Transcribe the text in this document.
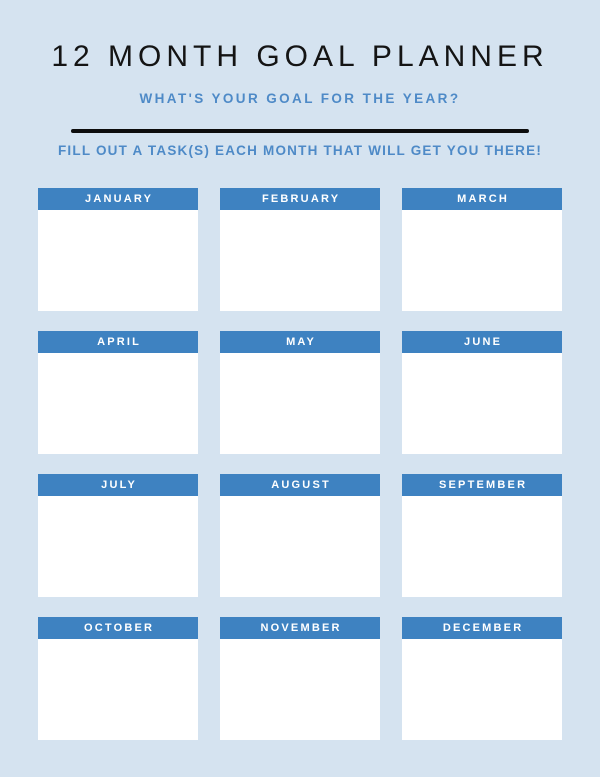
12 MONTH GOAL PLANNER
WHAT'S YOUR GOAL FOR THE YEAR?
FILL OUT A TASK(S) EACH MONTH THAT WILL GET YOU THERE!
JANUARY	FEBRUARY	MARCH
APRIL	MAY	JUNE
JULY	AUGUST	SEPTEMBER
OCTOBER	NOVEMBER	DECEMBER
